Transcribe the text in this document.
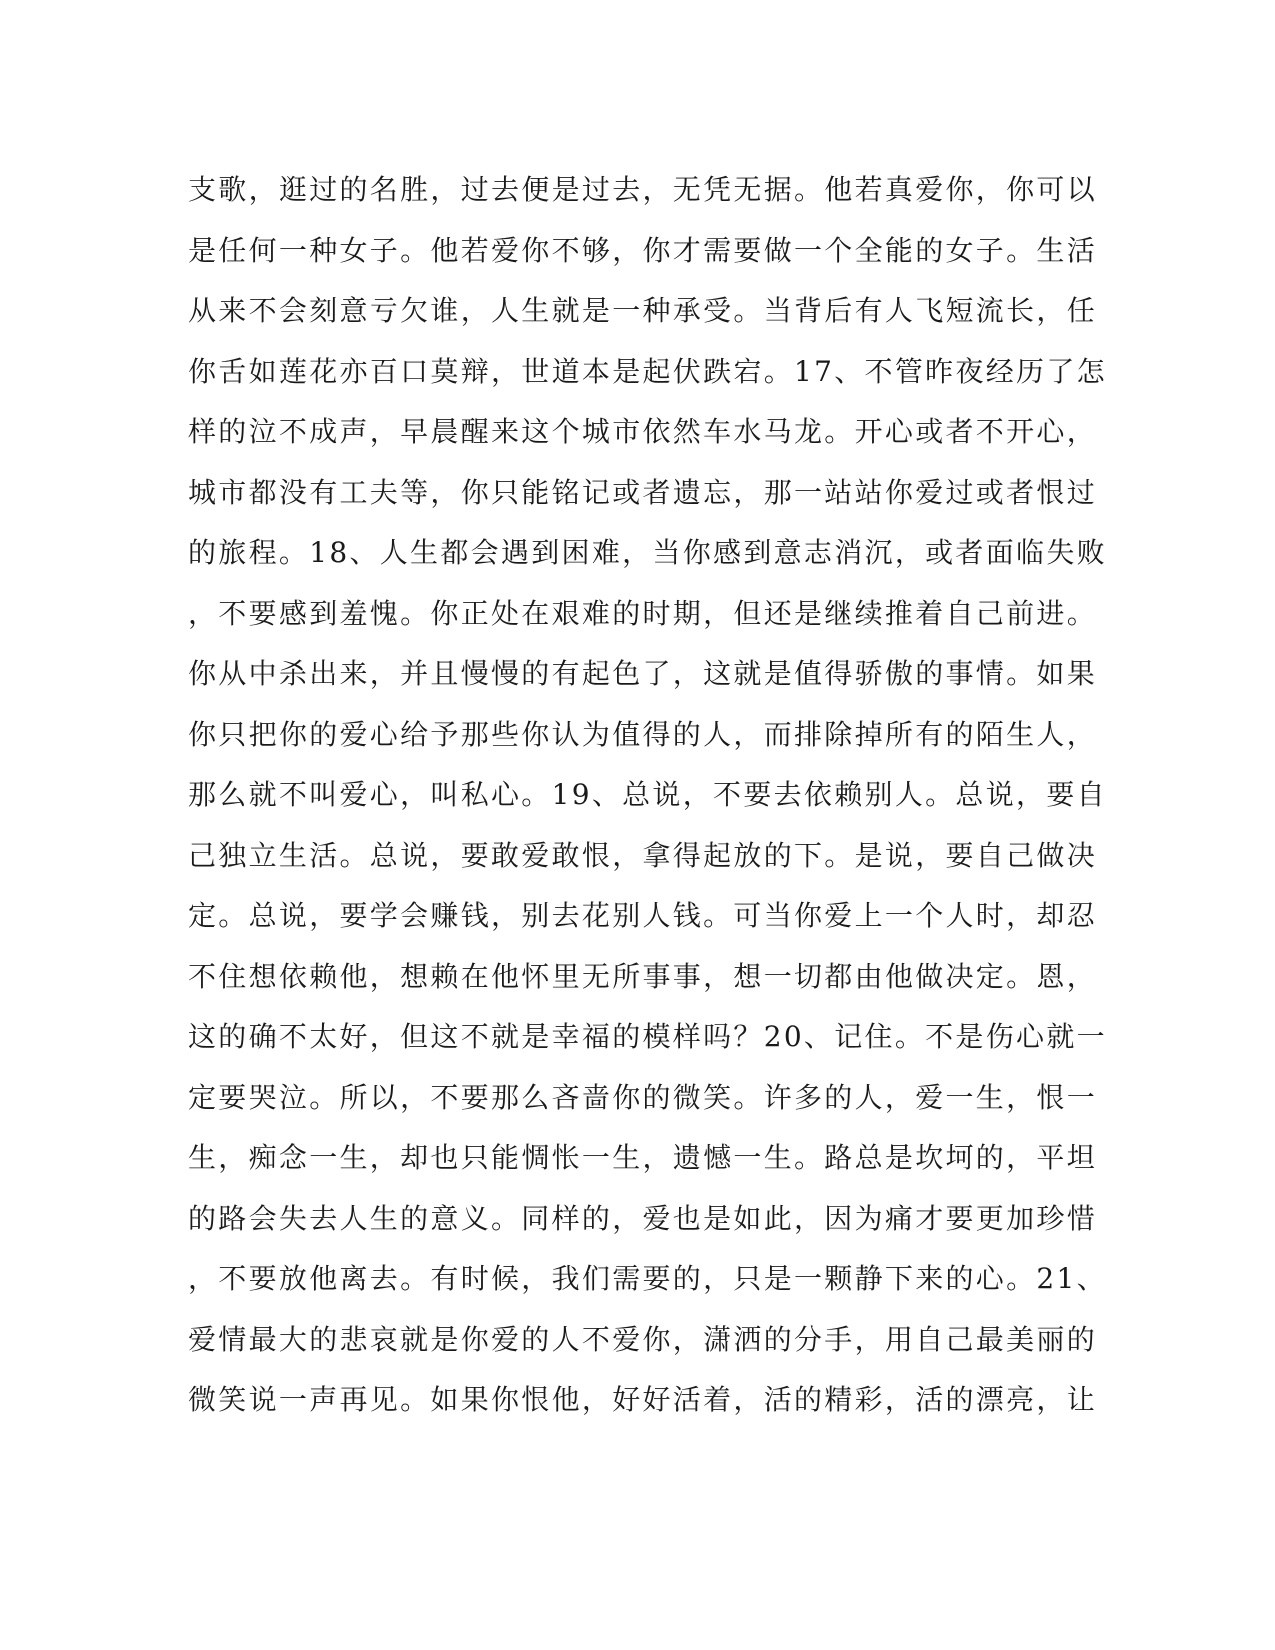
支歌，逛过的名胜，过去便是过去，无凭无据。他若真爱你，你可以
是任何一种女子。他若爱你不够，你才需要做一个全能的女子。生活
从来不会刻意亏欠谁，人生就是一种承受。当背后有人飞短流长，任
你舌如莲花亦百口莫辩，世道本是起伏跌宕。17、不管昨夜经历了怎
样的泣不成声，早晨醒来这个城市依然车水马龙。开心或者不开心，
城市都没有工夫等，你只能铭记或者遗忘，那一站站你爱过或者恨过
的旅程。18、人生都会遇到困难，当你感到意志消沉，或者面临失败
，不要感到羞愧。你正处在艰难的时期，但还是继续推着自己前进。
你从中杀出来，并且慢慢的有起色了，这就是值得骄傲的事情。如果
你只把你的爱心给予那些你认为值得的人，而排除掉所有的陌生人，
那么就不叫爱心，叫私心。19、总说，不要去依赖别人。总说，要自
己独立生活。总说，要敢爱敢恨，拿得起放的下。是说，要自己做决
定。总说，要学会赚钱，别去花别人钱。可当你爱上一个人时，却忍
不住想依赖他，想赖在他怀里无所事事，想一切都由他做决定。恩，
这的确不太好，但这不就是幸福的模样吗？20、记住。不是伤心就一
定要哭泣。所以，不要那么吝啬你的微笑。许多的人，爱一生，恨一
生，痴念一生，却也只能惆怅一生，遗憾一生。路总是坎坷的，平坦
的路会失去人生的意义。同样的，爱也是如此，因为痛才要更加珍惜
，不要放他离去。有时候，我们需要的，只是一颗静下来的心。21、
爱情最大的悲哀就是你爱的人不爱你，潇洒的分手，用自己最美丽的
微笑说一声再见。如果你恨他，好好活着，活的精彩，活的漂亮，让
